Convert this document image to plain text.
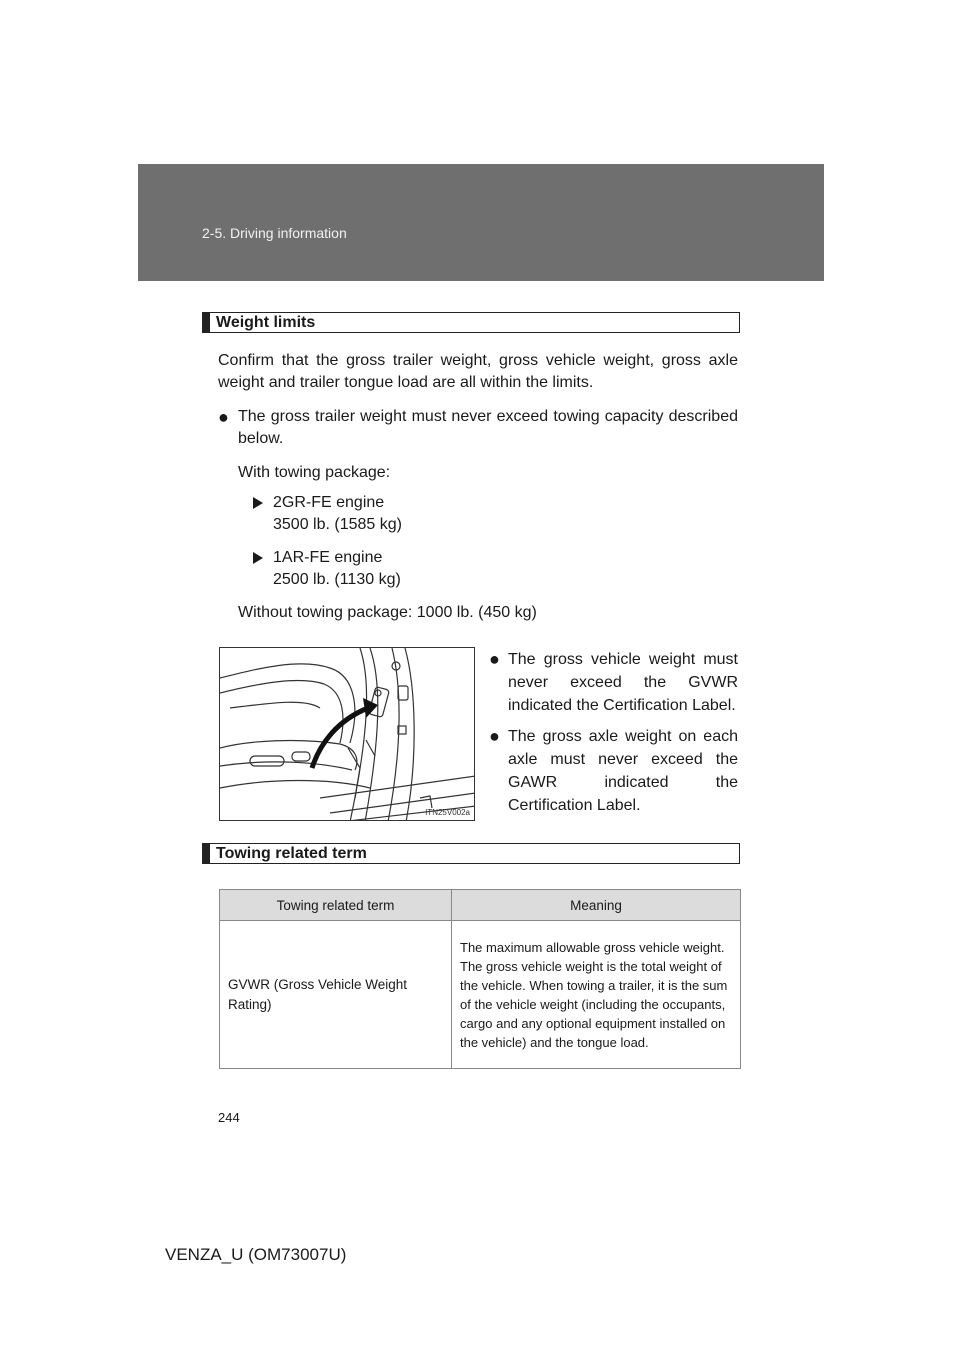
2-5. Driving information
Weight limits
Confirm that the gross trailer weight, gross vehicle weight, gross axle weight and trailer tongue load are all within the limits.
● The gross trailer weight must never exceed towing capacity described below.
With towing package:
2GR-FE engine
3500 lb. (1585 kg)
1AR-FE engine
2500 lb. (1130 kg)
Without towing package: 1000 lb. (450 kg)
ITN25V002a
● The gross vehicle weight must never exceed the GVWR indicated the Certification Label.
● The gross axle weight on each axle must never exceed the GAWR indicated the Certification Label.
Towing related term
Towing related term	Meaning
GVWR (Gross Vehicle Weight Rating)	The maximum allowable gross vehicle weight. The gross vehicle weight is the total weight of the vehicle. When towing a trailer, it is the sum of the vehicle weight (including the occupants, cargo and any optional equipment installed on the vehicle) and the tongue load.
244
VENZA_U (OM73007U)
